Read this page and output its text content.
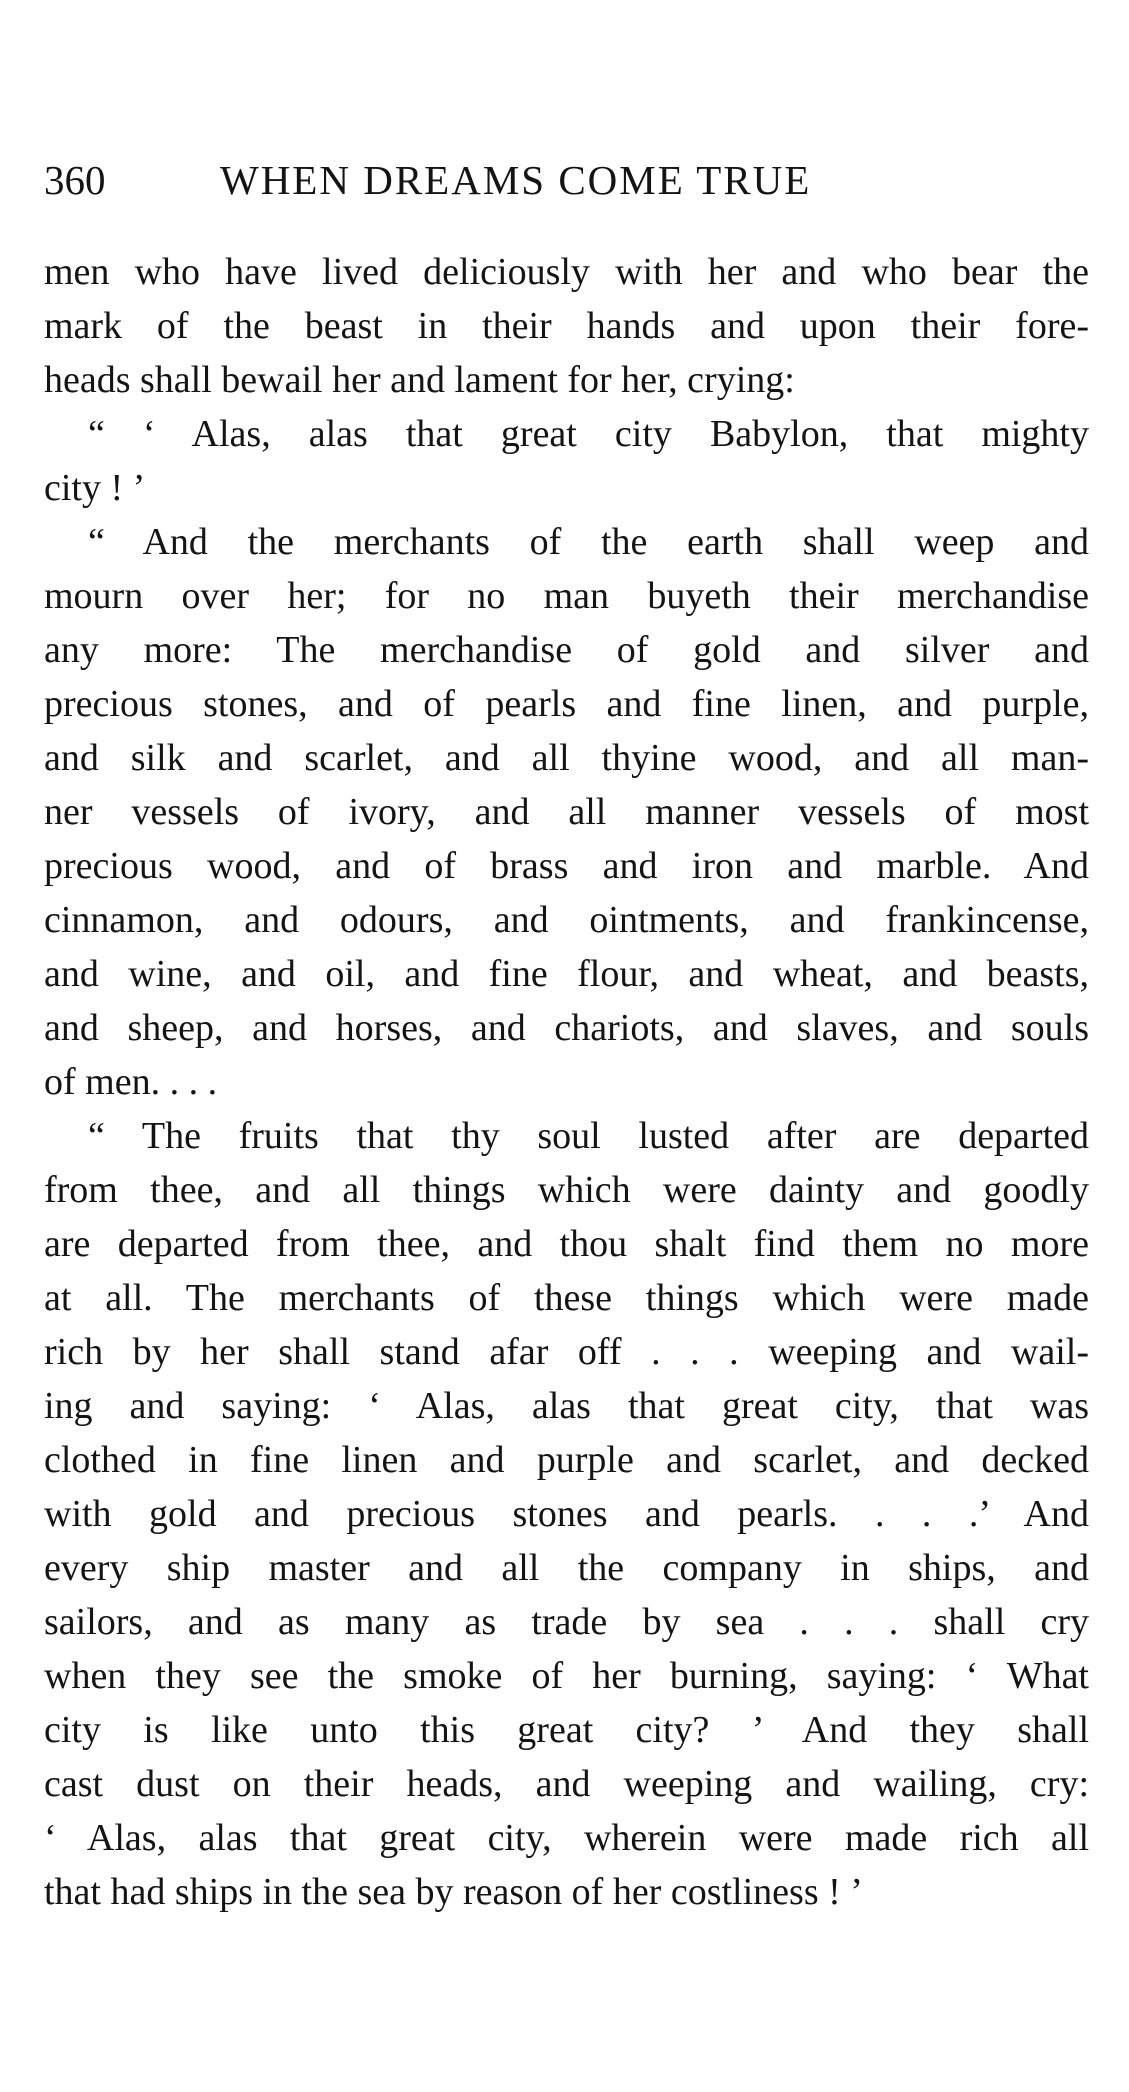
360	WHEN DREAMS COME TRUE
men who have lived deliciously with her and who bear the
mark of the beast in their hands and upon their fore-
heads shall bewail her and lament for her, crying:
“ ‘ Alas, alas that great city Babylon, that mighty
city ! ’
“ And the merchants of the earth shall weep and
mourn over her; for no man buyeth their merchandise
any more: The merchandise of gold and silver and
precious stones, and of pearls and fine linen, and purple,
and silk and scarlet, and all thyine wood, and all man-
ner vessels of ivory, and all manner vessels of most
precious wood, and of brass and iron and marble. And
cinnamon, and odours, and ointments, and frankincense,
and wine, and oil, and fine flour, and wheat, and beasts,
and sheep, and horses, and chariots, and slaves, and souls
of men. . . .
“ The fruits that thy soul lusted after are departed
from thee, and all things which were dainty and goodly
are departed from thee, and thou shalt find them no more
at all. The merchants of these things which were made
rich by her shall stand afar off . . . weeping and wail-
ing and saying: ‘ Alas, alas that great city, that was
clothed in fine linen and purple and scarlet, and decked
with gold and precious stones and pearls. . . .’ And
every ship master and all the company in ships, and
sailors, and as many as trade by sea . . . shall cry
when they see the smoke of her burning, saying: ‘ What
city is like unto this great city? ’ And they shall
cast dust on their heads, and weeping and wailing, cry:
‘ Alas, alas that great city, wherein were made rich all
that had ships in the sea by reason of her costliness ! ’
